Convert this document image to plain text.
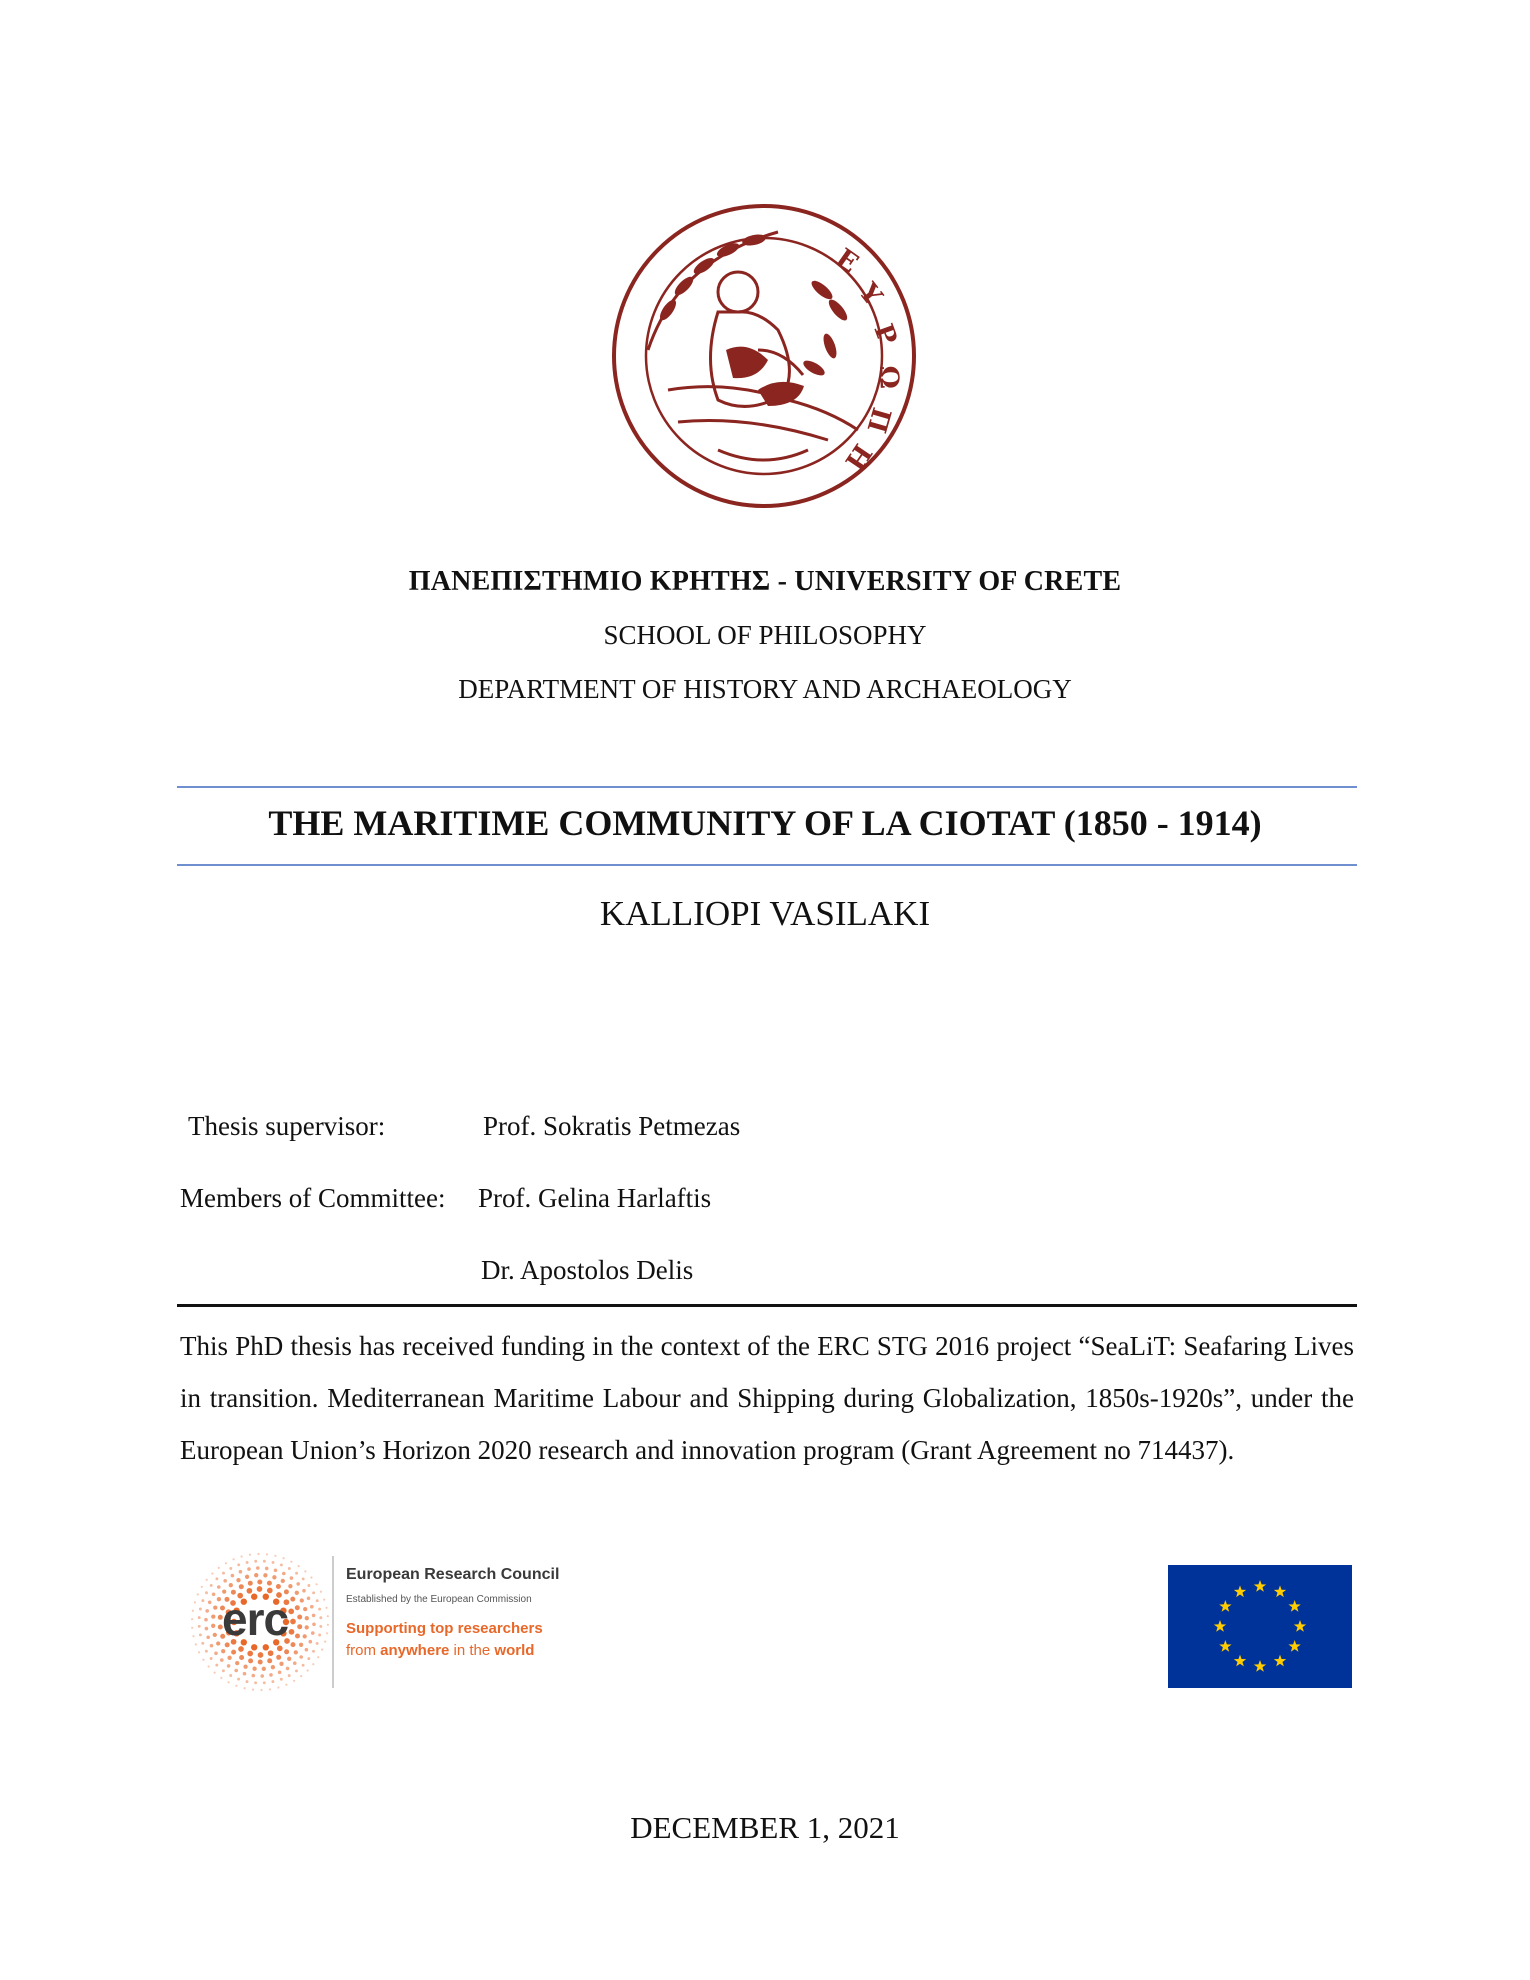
Ε
Υ
Ρ
Ω
Π
Η
ΠΑΝΕΠΙΣΤΗΜΙΟ ΚΡΗΤΗΣ - UNIVERSITY OF CRETE
SCHOOL OF PHILOSOPHY
DEPARTMENT OF HISTORY AND ARCHAEOLOGY
THE MARITIME COMMUNITY OF LA CIOTAT (1850 - 1914)
KALLIOPI VASILAKI
Thesis supervisor:	Prof. Sokratis Petmezas
Members of Committee: Prof. Gelina Harlaftis
Dr. Apostolos Delis
This PhD thesis has received funding in the context of the ERC STG 2016 project “SeaLiT: Seafaring Lives in transition. Mediterranean Maritime Labour and Shipping during Globalization, 1850s-1920s”, under the European Union’s Horizon 2020 research and innovation program (Grant Agreement no 714437).
erc
European Research Council
Established by the European Commission
Supporting top researchers
from anywhere in the world
DECEMBER 1, 2021
